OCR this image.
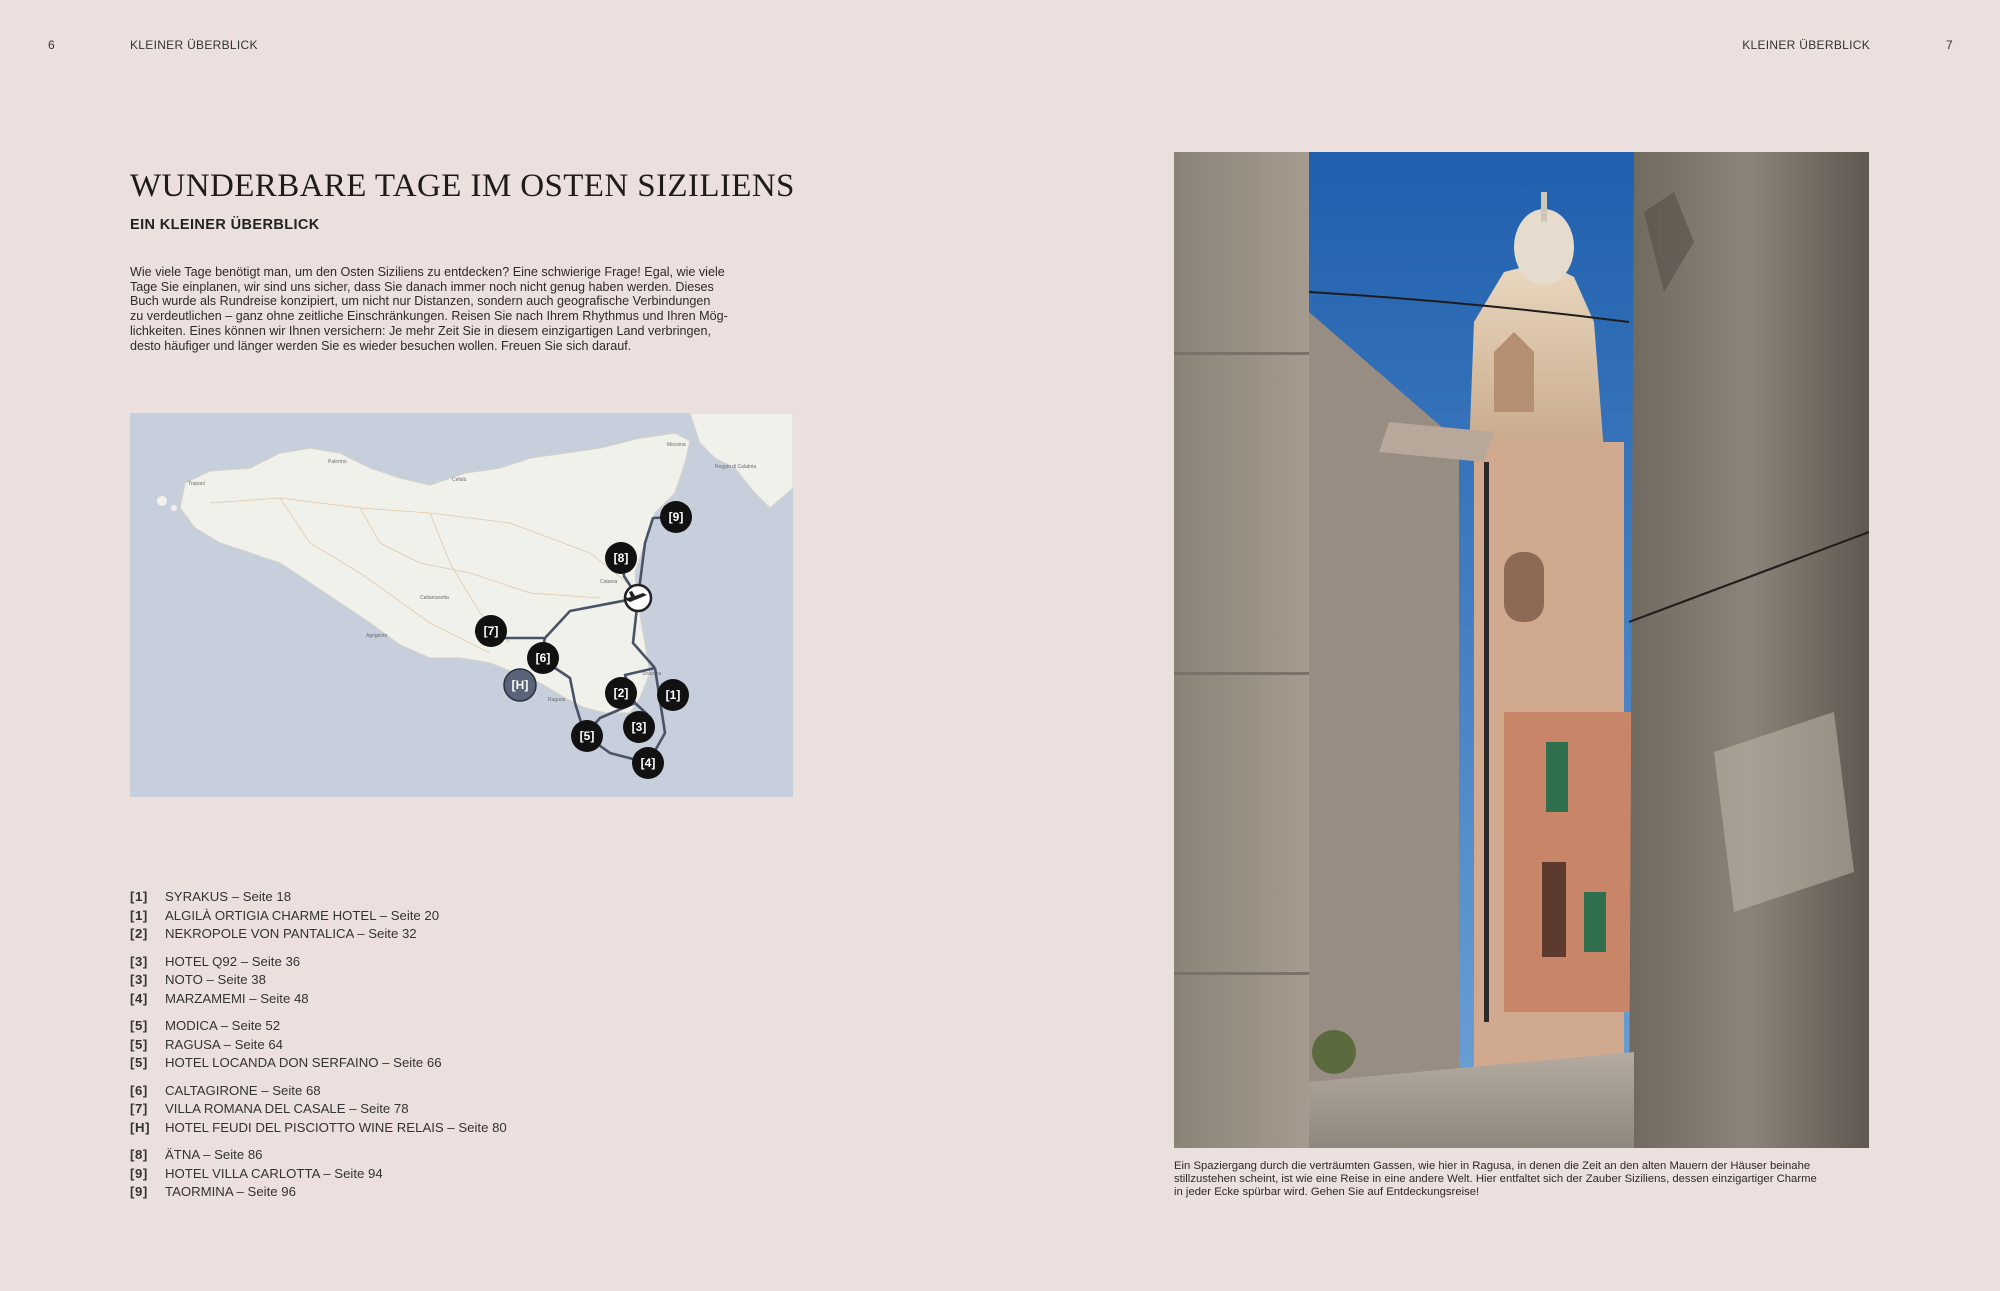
6	KLEINER ÜBERBLICK	KLEINER ÜBERBLICK	7
WUNDERBARE TAGE IM OSTEN SIZILIENS
EIN KLEINER ÜBERBLICK
Wie viele Tage benötigt man, um den Osten Siziliens zu entdecken? Eine schwierige Frage! Egal, wie viele
Tage Sie einplanen, wir sind uns sicher, dass Sie danach immer noch nicht genug haben werden. Dieses
Buch wurde als Rundreise konzipiert, um nicht nur Distanzen, sondern auch geografische Verbindungen
zu verdeutlichen – ganz ohne zeitliche Einschränkungen. Reisen Sie nach Ihrem Rhythmus und Ihren Mög-
lichkeiten. Eines können wir Ihnen versichern: Je mehr Zeit Sie in diesem einzigartigen Land verbringen,
desto häufiger und länger werden Sie es wieder besuchen wollen. Freuen Sie sich darauf.
Trapani
Palermo
Cefalù
Messina
Catania
Siracusa
Ragusa
Agrigento
Caltanissetta
Reggio di Calabria
[9]
[8]
[7]
[6]
[H]
[2]	[1]
[3]
[5]
[4]
[1] SYRAKUS – Seite 18
[1] ALGILÀ ORTIGIA CHARME HOTEL – Seite 20
[2] NEKROPOLE VON PANTALICA – Seite 32
[3] HOTEL Q92 – Seite 36
[3] NOTO – Seite 38
[4] MARZAMEMI – Seite 48
[5] MODICA – Seite 52
[5] RAGUSA – Seite 64
[5] HOTEL LOCANDA DON SERFAINO – Seite 66
[6] CALTAGIRONE – Seite 68
[7] VILLA ROMANA DEL CASALE – Seite 78
[H] HOTEL FEUDI DEL PISCIOTTO WINE RELAIS – Seite 80
[8] ÄTNA – Seite 86
[9] HOTEL VILLA CARLOTTA – Seite 94
[9] TAORMINA – Seite 96
Ein Spaziergang durch die verträumten Gassen, wie hier in Ragusa, in denen die Zeit an den alten Mauern der Häuser beinahe
stillzustehen scheint, ist wie eine Reise in eine andere Welt. Hier entfaltet sich der Zauber Siziliens, dessen einzigartiger Charme
in jeder Ecke spürbar wird. Gehen Sie auf Entdeckungsreise!
